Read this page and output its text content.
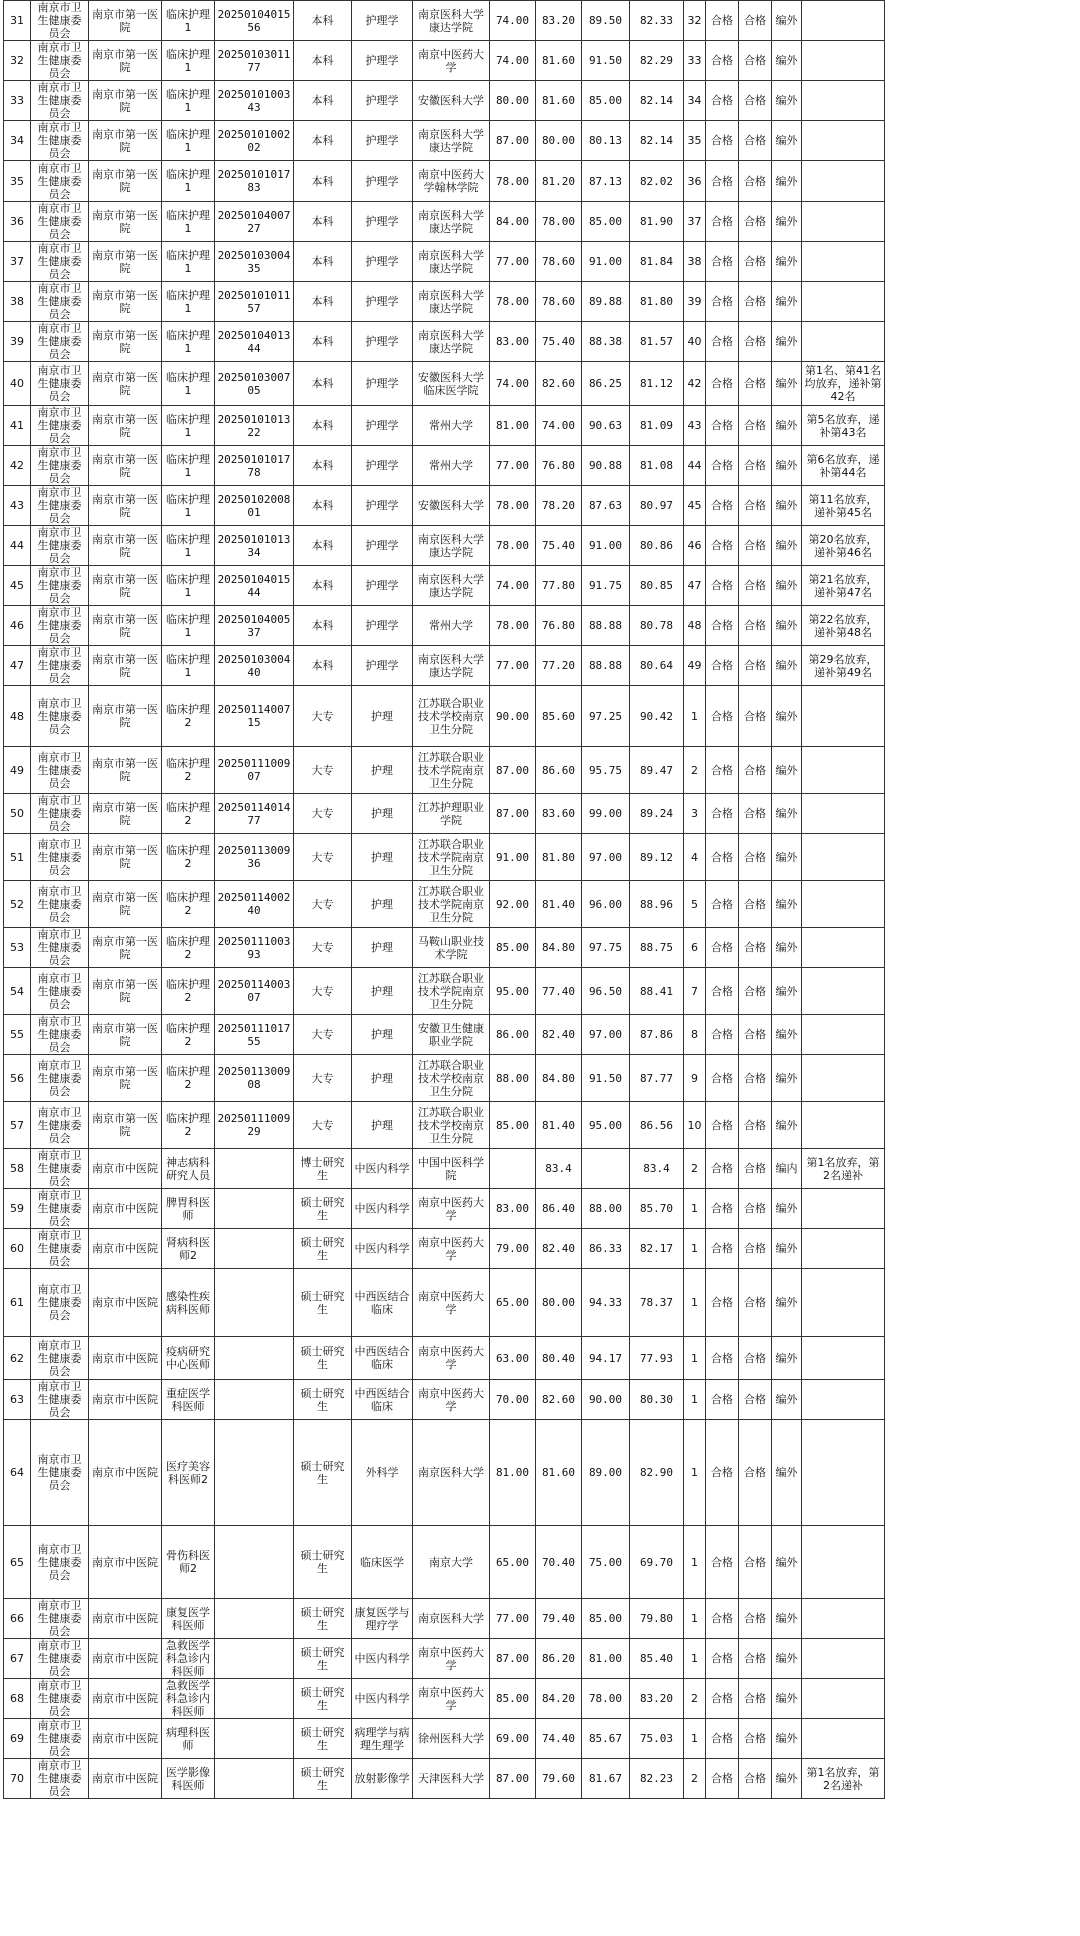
31	南京市卫生健康委员会	南京市第一医院	临床护理1	2025010401556	本科	护理学	南京医科大学康达学院	74.00	83.20	89.50	82.33	32	合格	合格	编外	
32	南京市卫生健康委员会	南京市第一医院	临床护理1	2025010301177	本科	护理学	南京中医药大学	74.00	81.60	91.50	82.29	33	合格	合格	编外	
33	南京市卫生健康委员会	南京市第一医院	临床护理1	2025010100343	本科	护理学	安徽医科大学	80.00	81.60	85.00	82.14	34	合格	合格	编外	
34	南京市卫生健康委员会	南京市第一医院	临床护理1	2025010100202	本科	护理学	南京医科大学康达学院	87.00	80.00	80.13	82.14	35	合格	合格	编外	
35	南京市卫生健康委员会	南京市第一医院	临床护理1	2025010101783	本科	护理学	南京中医药大学翰林学院	78.00	81.20	87.13	82.02	36	合格	合格	编外	
36	南京市卫生健康委员会	南京市第一医院	临床护理1	2025010400727	本科	护理学	南京医科大学康达学院	84.00	78.00	85.00	81.90	37	合格	合格	编外	
37	南京市卫生健康委员会	南京市第一医院	临床护理1	2025010300435	本科	护理学	南京医科大学康达学院	77.00	78.60	91.00	81.84	38	合格	合格	编外	
38	南京市卫生健康委员会	南京市第一医院	临床护理1	2025010101157	本科	护理学	南京医科大学康达学院	78.00	78.60	89.88	81.80	39	合格	合格	编外	
39	南京市卫生健康委员会	南京市第一医院	临床护理1	2025010401344	本科	护理学	南京医科大学康达学院	83.00	75.40	88.38	81.57	40	合格	合格	编外	
40	南京市卫生健康委员会	南京市第一医院	临床护理1	2025010300705	本科	护理学	安徽医科大学临床医学院	74.00	82.60	86.25	81.12	42	合格	合格	编外	第1名、第41名均放弃，递补第42名
41	南京市卫生健康委员会	南京市第一医院	临床护理1	2025010101322	本科	护理学	常州大学	81.00	74.00	90.63	81.09	43	合格	合格	编外	第5名放弃，递补第43名
42	南京市卫生健康委员会	南京市第一医院	临床护理1	2025010101778	本科	护理学	常州大学	77.00	76.80	90.88	81.08	44	合格	合格	编外	第6名放弃，递补第44名
43	南京市卫生健康委员会	南京市第一医院	临床护理1	2025010200801	本科	护理学	安徽医科大学	78.00	78.20	87.63	80.97	45	合格	合格	编外	第11名放弃，递补第45名
44	南京市卫生健康委员会	南京市第一医院	临床护理1	2025010101334	本科	护理学	南京医科大学康达学院	78.00	75.40	91.00	80.86	46	合格	合格	编外	第20名放弃，递补第46名
45	南京市卫生健康委员会	南京市第一医院	临床护理1	2025010401544	本科	护理学	南京医科大学康达学院	74.00	77.80	91.75	80.85	47	合格	合格	编外	第21名放弃，递补第47名
46	南京市卫生健康委员会	南京市第一医院	临床护理1	2025010400537	本科	护理学	常州大学	78.00	76.80	88.88	80.78	48	合格	合格	编外	第22名放弃，递补第48名
47	南京市卫生健康委员会	南京市第一医院	临床护理1	2025010300440	本科	护理学	南京医科大学康达学院	77.00	77.20	88.88	80.64	49	合格	合格	编外	第29名放弃，递补第49名
48	南京市卫生健康委员会	南京市第一医院	临床护理2	2025011400715	大专	护理	江苏联合职业技术学校南京卫生分院	90.00	85.60	97.25	90.42	1	合格	合格	编外	
49	南京市卫生健康委员会	南京市第一医院	临床护理2	2025011100907	大专	护理	江苏联合职业技术学院南京卫生分院	87.00	86.60	95.75	89.47	2	合格	合格	编外	
50	南京市卫生健康委员会	南京市第一医院	临床护理2	2025011401477	大专	护理	江苏护理职业学院	87.00	83.60	99.00	89.24	3	合格	合格	编外	
51	南京市卫生健康委员会	南京市第一医院	临床护理2	2025011300936	大专	护理	江苏联合职业技术学院南京卫生分院	91.00	81.80	97.00	89.12	4	合格	合格	编外	
52	南京市卫生健康委员会	南京市第一医院	临床护理2	2025011400240	大专	护理	江苏联合职业技术学院南京卫生分院	92.00	81.40	96.00	88.96	5	合格	合格	编外	
53	南京市卫生健康委员会	南京市第一医院	临床护理2	2025011100393	大专	护理	马鞍山职业技术学院	85.00	84.80	97.75	88.75	6	合格	合格	编外	
54	南京市卫生健康委员会	南京市第一医院	临床护理2	2025011400307	大专	护理	江苏联合职业技术学院南京卫生分院	95.00	77.40	96.50	88.41	7	合格	合格	编外	
55	南京市卫生健康委员会	南京市第一医院	临床护理2	2025011101755	大专	护理	安徽卫生健康职业学院	86.00	82.40	97.00	87.86	8	合格	合格	编外	
56	南京市卫生健康委员会	南京市第一医院	临床护理2	2025011300908	大专	护理	江苏联合职业技术学校南京卫生分院	88.00	84.80	91.50	87.77	9	合格	合格	编外	
57	南京市卫生健康委员会	南京市第一医院	临床护理2	2025011100929	大专	护理	江苏联合职业技术学校南京卫生分院	85.00	81.40	95.00	86.56	10	合格	合格	编外	
58	南京市卫生健康委员会	南京市中医院	神志病科研究人员		博士研究生	中医内科学	中国中医科学院		83.4		83.4	2	合格	合格	编内	第1名放弃，第2名递补
59	南京市卫生健康委员会	南京市中医院	脾胃科医师		硕士研究生	中医内科学	南京中医药大学	83.00	86.40	88.00	85.70	1	合格	合格	编外	
60	南京市卫生健康委员会	南京市中医院	肾病科医师2		硕士研究生	中医内科学	南京中医药大学	79.00	82.40	86.33	82.17	1	合格	合格	编外	
61	南京市卫生健康委员会	南京市中医院	感染性疾病科医师		硕士研究生	中西医结合临床	南京中医药大学	65.00	80.00	94.33	78.37	1	合格	合格	编外	
62	南京市卫生健康委员会	南京市中医院	疫病研究中心医师		硕士研究生	中西医结合临床	南京中医药大学	63.00	80.40	94.17	77.93	1	合格	合格	编外	
63	南京市卫生健康委员会	南京市中医院	重症医学科医师		硕士研究生	中西医结合临床	南京中医药大学	70.00	82.60	90.00	80.30	1	合格	合格	编外	
64	南京市卫生健康委员会	南京市中医院	医疗美容科医师2		硕士研究生	外科学	南京医科大学	81.00	81.60	89.00	82.90	1	合格	合格	编外	
65	南京市卫生健康委员会	南京市中医院	骨伤科医师2		硕士研究生	临床医学	南京大学	65.00	70.40	75.00	69.70	1	合格	合格	编外	
66	南京市卫生健康委员会	南京市中医院	康复医学科医师		硕士研究生	康复医学与理疗学	南京医科大学	77.00	79.40	85.00	79.80	1	合格	合格	编外	
67	南京市卫生健康委员会	南京市中医院	急救医学科急诊内科医师		硕士研究生	中医内科学	南京中医药大学	87.00	86.20	81.00	85.40	1	合格	合格	编外	
68	南京市卫生健康委员会	南京市中医院	急救医学科急诊内科医师		硕士研究生	中医内科学	南京中医药大学	85.00	84.20	78.00	83.20	2	合格	合格	编外	
69	南京市卫生健康委员会	南京市中医院	病理科医师		硕士研究生	病理学与病理生理学	徐州医科大学	69.00	74.40	85.67	75.03	1	合格	合格	编外	
70	南京市卫生健康委员会	南京市中医院	医学影像科医师		硕士研究生	放射影像学	天津医科大学	87.00	79.60	81.67	82.23	2	合格	合格	编外	第1名放弃，第2名递补
